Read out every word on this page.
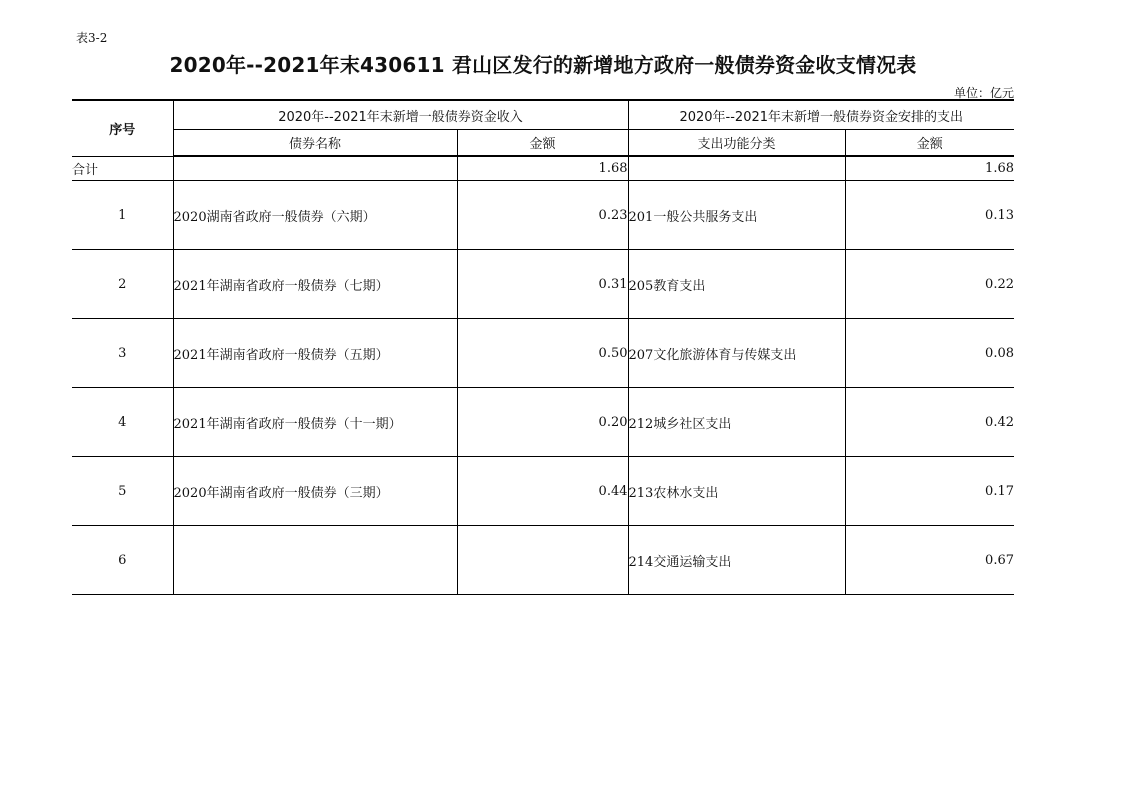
表3-2
2020年--2021年末430611 君山区发行的新增地方政府一般债券资金收支情况表
单位：亿元
序号	2020年--2021年末新增一般债券资金收入		2020年--2021年末新增一般债券资金安排的支出	
	债券名称	金额	支出功能分类	金额
合计		1.68		1.68
1	2020湖南省政府一般债券（六期）	0.23	201一般公共服务支出	0.13
2	2021年湖南省政府一般债券（七期）	0.31	205教育支出	0.22
3	2021年湖南省政府一般债券（五期）	0.50	207文化旅游体育与传媒支出	0.08
4	2021年湖南省政府一般债券（十一期）	0.20	212城乡社区支出	0.42
5	2020年湖南省政府一般债券（三期）	0.44	213农林水支出	0.17
6			214交通运输支出	0.67
